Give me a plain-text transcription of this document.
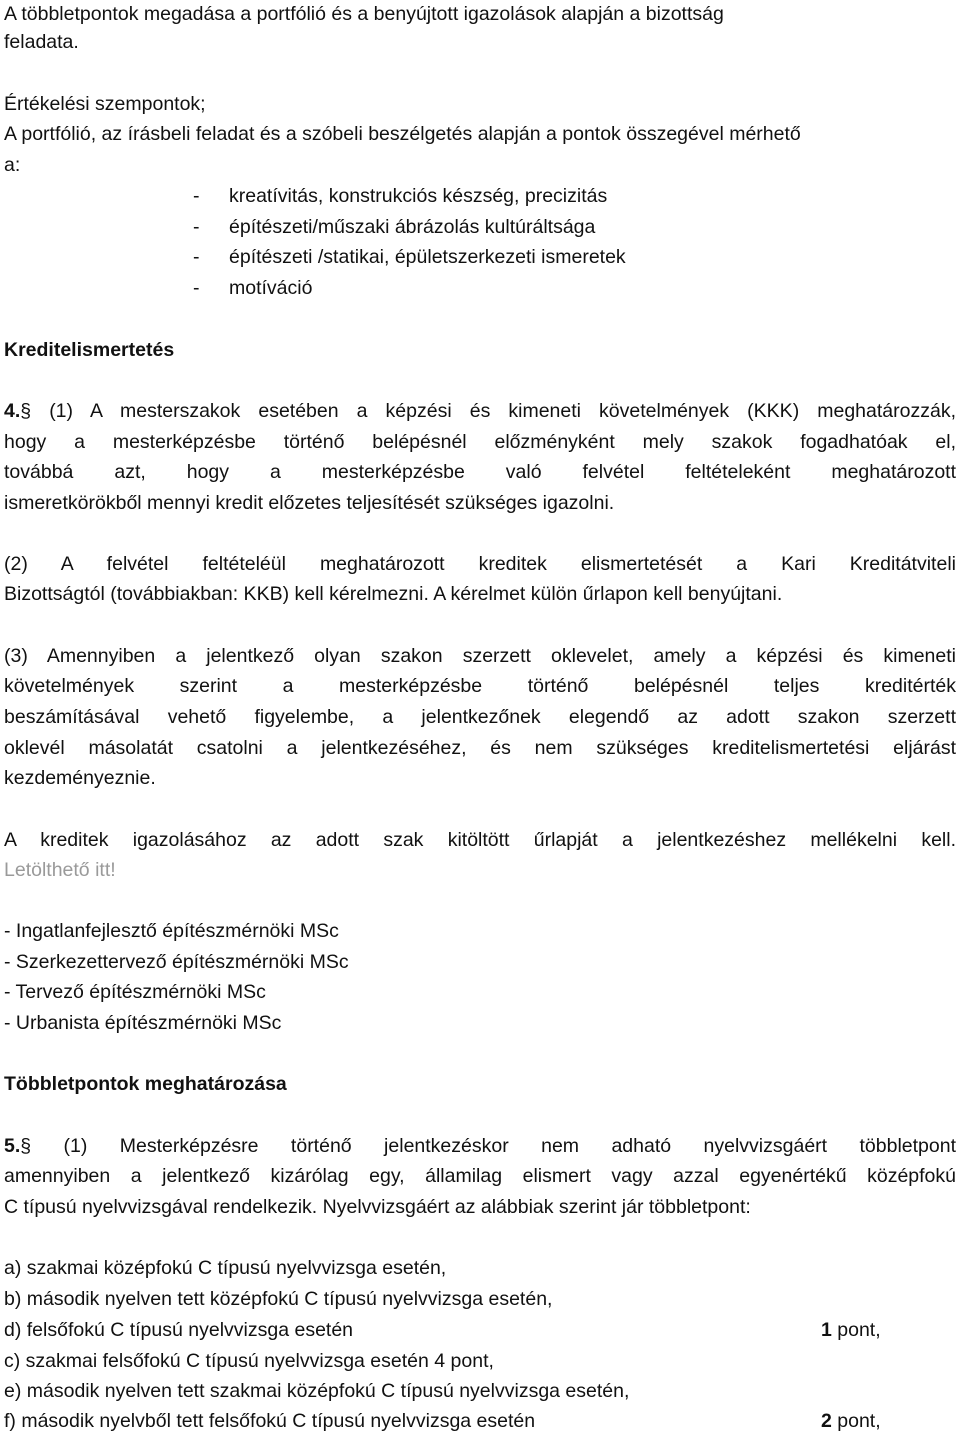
A többletpontok megadása a portfólió és a benyújtott igazolások alapján a bizottság
feladata.
Értékelési szempontok;
A portfólió, az írásbeli feladat és a szóbeli beszélgetés alapján a pontok összegével mérhető
a:
- kreatívitás, konstrukciós készség, precizitás
- építészeti/műszaki ábrázolás kultúráltsága
- építészeti /statikai, épületszerkezeti ismeretek
- motíváció
Kreditelismertetés
4.§ (1) A mesterszakok esetében a képzési és kimeneti követelmények (KKK) meghatározzák,
hogy a mesterképzésbe történő belépésnél előzményként mely szakok fogadhatóak el,
továbbá azt, hogy a mesterképzésbe való felvétel feltételeként meghatározott
ismeretkörökből mennyi kredit előzetes teljesítését szükséges igazolni.
(2) A felvétel feltételéül meghatározott kreditek elismertetését a Kari Kreditátviteli
Bizottságtól (továbbiakban: KKB) kell kérelmezni. A kérelmet külön űrlapon kell benyújtani.
(3) Amennyiben a jelentkező olyan szakon szerzett oklevelet, amely a képzési és kimeneti
követelmények szerint a mesterképzésbe történő belépésnél teljes kreditérték
beszámításával vehető figyelembe, a jelentkezőnek elegendő az adott szakon szerzett
oklevél másolatát csatolni a jelentkezéséhez, és nem szükséges kreditelismertetési eljárást
kezdeményeznie.
A kreditek igazolásához az adott szak kitöltött űrlapját a jelentkezéshez mellékelni kell.
Letölthető itt!
- Ingatlanfejlesztő építészmérnöki MSc
- Szerkezettervező építészmérnöki MSc
- Tervező építészmérnöki MSc
- Urbanista építészmérnöki MSc
Többletpontok meghatározása
5.§ (1) Mesterképzésre történő jelentkezéskor nem adható nyelvvizsgáért többletpont
amennyiben a jelentkező kizárólag egy, államilag elismert vagy azzal egyenértékű középfokú
C típusú nyelvvizsgával rendelkezik. Nyelvvizsgáért az alábbiak szerint jár többletpont:
a) szakmai középfokú C típusú nyelvvizsga esetén,
b) második nyelven tett középfokú C típusú nyelvvizsga esetén,
d) felsőfokú C típusú nyelvvizsga esetén	1 pont,
c) szakmai felsőfokú C típusú nyelvvizsga esetén 4 pont,
e) második nyelven tett szakmai középfokú C típusú nyelvvizsga esetén,
f) második nyelvből tett felsőfokú C típusú nyelvvizsga esetén	2 pont,
